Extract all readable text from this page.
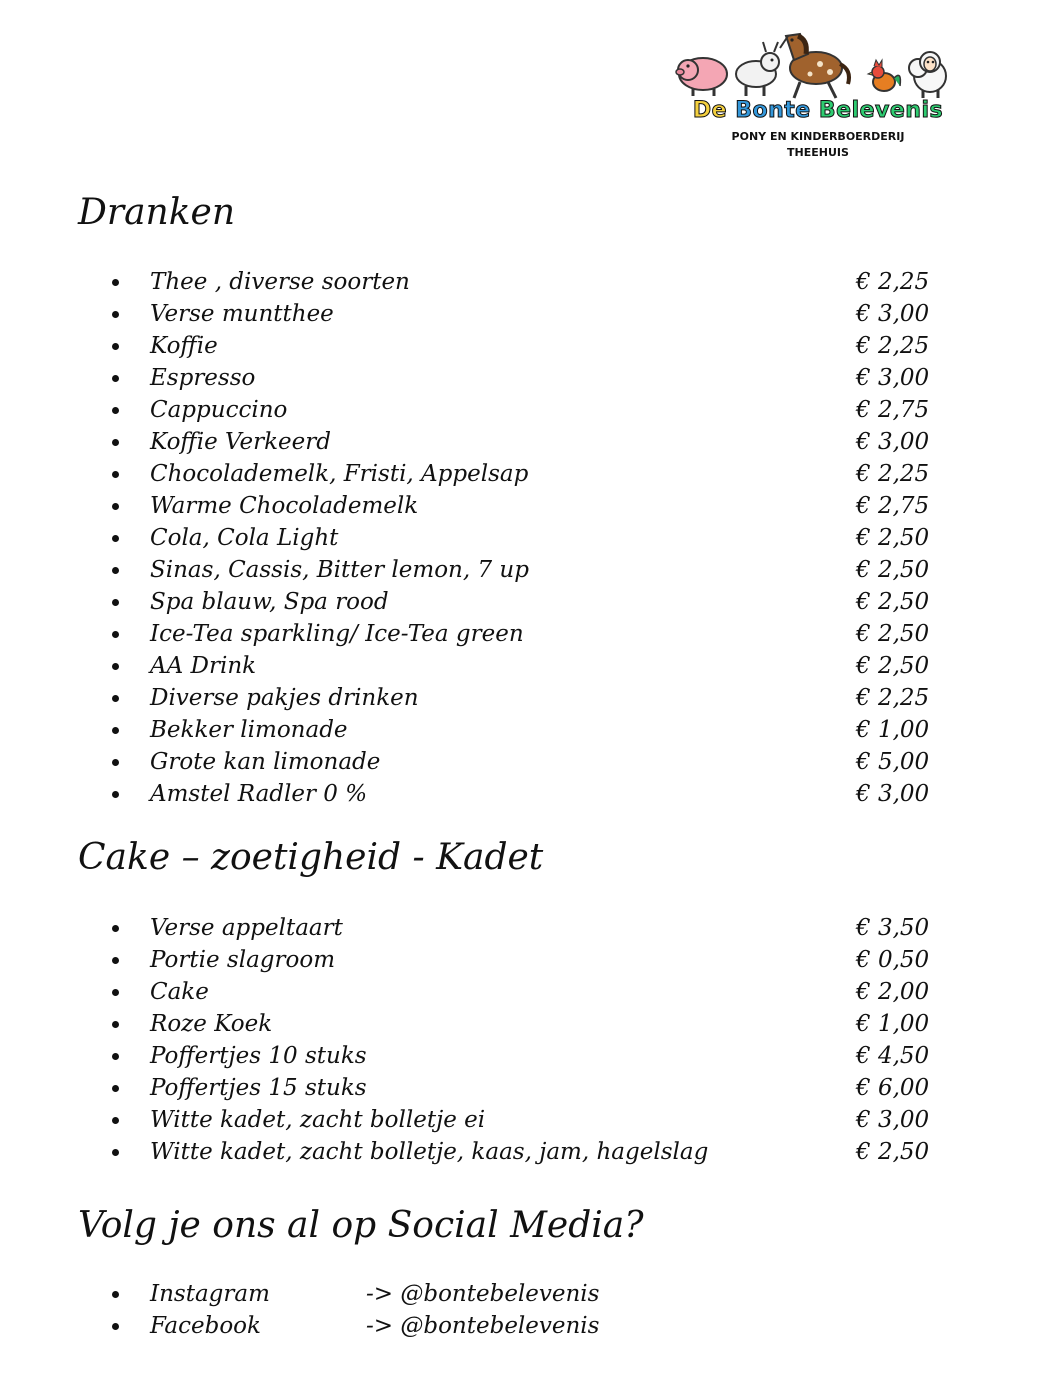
De Bonte Belevenis
PONY EN KINDERBOERDERIJ
THEEHUIS
Dranken
Thee , diverse soorten	€ 2,25
Verse muntthee	€ 3,00
Koffie	€ 2,25
Espresso	€ 3,00
Cappuccino	€ 2,75
Koffie Verkeerd	€ 3,00
Chocolademelk, Fristi, Appelsap	€ 2,25
Warme Chocolademelk	€ 2,75
Cola, Cola Light	€ 2,50
Sinas, Cassis, Bitter lemon, 7 up	€ 2,50
Spa blauw, Spa rood	€ 2,50
Ice-Tea sparkling/ Ice-Tea green	€ 2,50
AA Drink	€ 2,50
Diverse pakjes drinken	€ 2,25
Bekker limonade	€ 1,00
Grote kan limonade	€ 5,00
Amstel Radler 0 %	€ 3,00
Cake – zoetigheid - Kadet
Verse appeltaart	€ 3,50
Portie slagroom	€ 0,50
Cake	€ 2,00
Roze Koek	€ 1,00
Poffertjes 10 stuks	€ 4,50
Poffertjes 15 stuks	€ 6,00
Witte kadet, zacht bolletje ei	€ 3,00
Witte kadet, zacht bolletje, kaas, jam, hagelslag	€ 2,50
Volg je ons al op Social Media?
Instagram	-> @bontebelevenis
Facebook	-> @bontebelevenis
